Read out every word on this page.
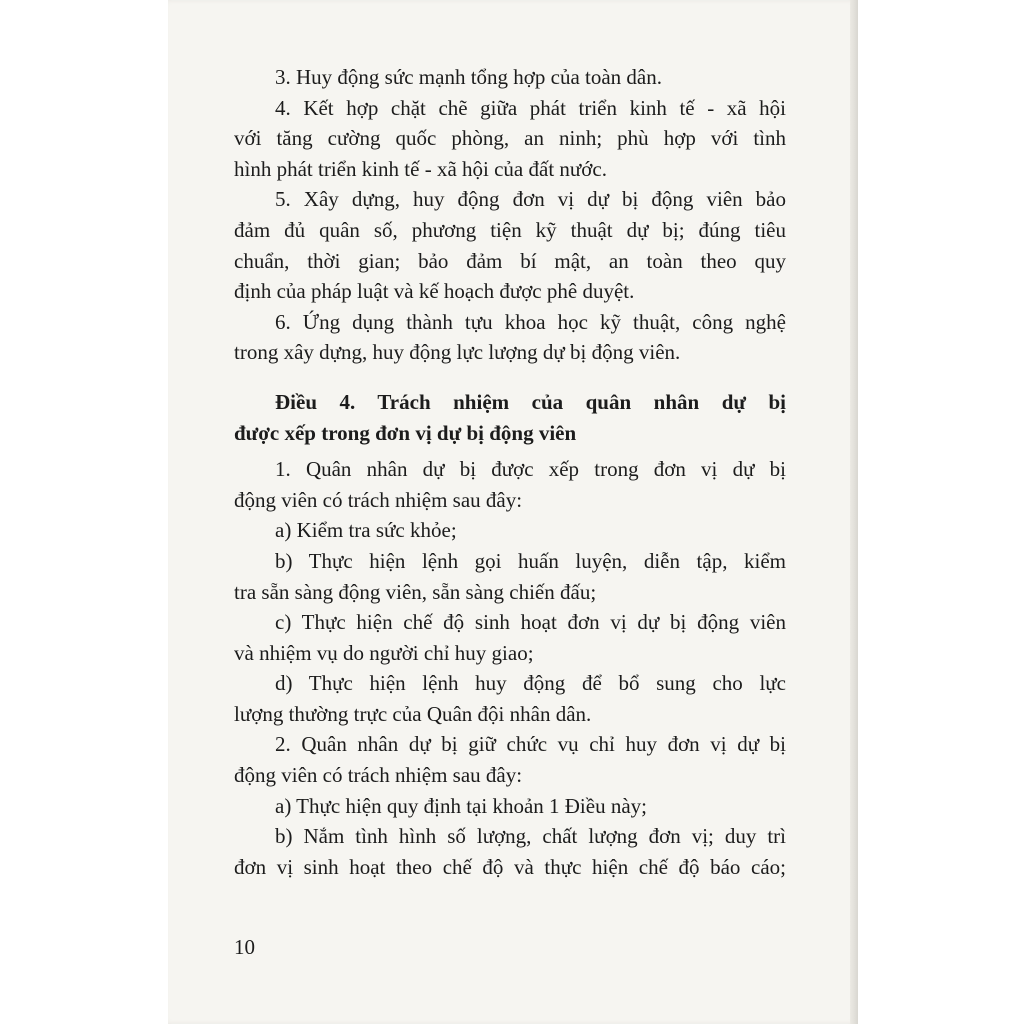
3. Huy động sức mạnh tổng hợp của toàn dân.
4. Kết hợp chặt chẽ giữa phát triển kinh tế - xã hội
với tăng cường quốc phòng, an ninh; phù hợp với tình
hình phát triển kinh tế - xã hội của đất nước.
5. Xây dựng, huy động đơn vị dự bị động viên bảo
đảm đủ quân số, phương tiện kỹ thuật dự bị; đúng tiêu
chuẩn, thời gian; bảo đảm bí mật, an toàn theo quy
định của pháp luật và kế hoạch được phê duyệt.
6. Ứng dụng thành tựu khoa học kỹ thuật, công nghệ
trong xây dựng, huy động lực lượng dự bị động viên.
Điều 4. Trách nhiệm của quân nhân dự bị
được xếp trong đơn vị dự bị động viên
1. Quân nhân dự bị được xếp trong đơn vị dự bị
động viên có trách nhiệm sau đây:
a) Kiểm tra sức khỏe;
b) Thực hiện lệnh gọi huấn luyện, diễn tập, kiểm
tra sẵn sàng động viên, sẵn sàng chiến đấu;
c) Thực hiện chế độ sinh hoạt đơn vị dự bị động viên
và nhiệm vụ do người chỉ huy giao;
d) Thực hiện lệnh huy động để bổ sung cho lực
lượng thường trực của Quân đội nhân dân.
2. Quân nhân dự bị giữ chức vụ chỉ huy đơn vị dự bị
động viên có trách nhiệm sau đây:
a) Thực hiện quy định tại khoản 1 Điều này;
b) Nắm tình hình số lượng, chất lượng đơn vị; duy trì
đơn vị sinh hoạt theo chế độ và thực hiện chế độ báo cáo;
10
